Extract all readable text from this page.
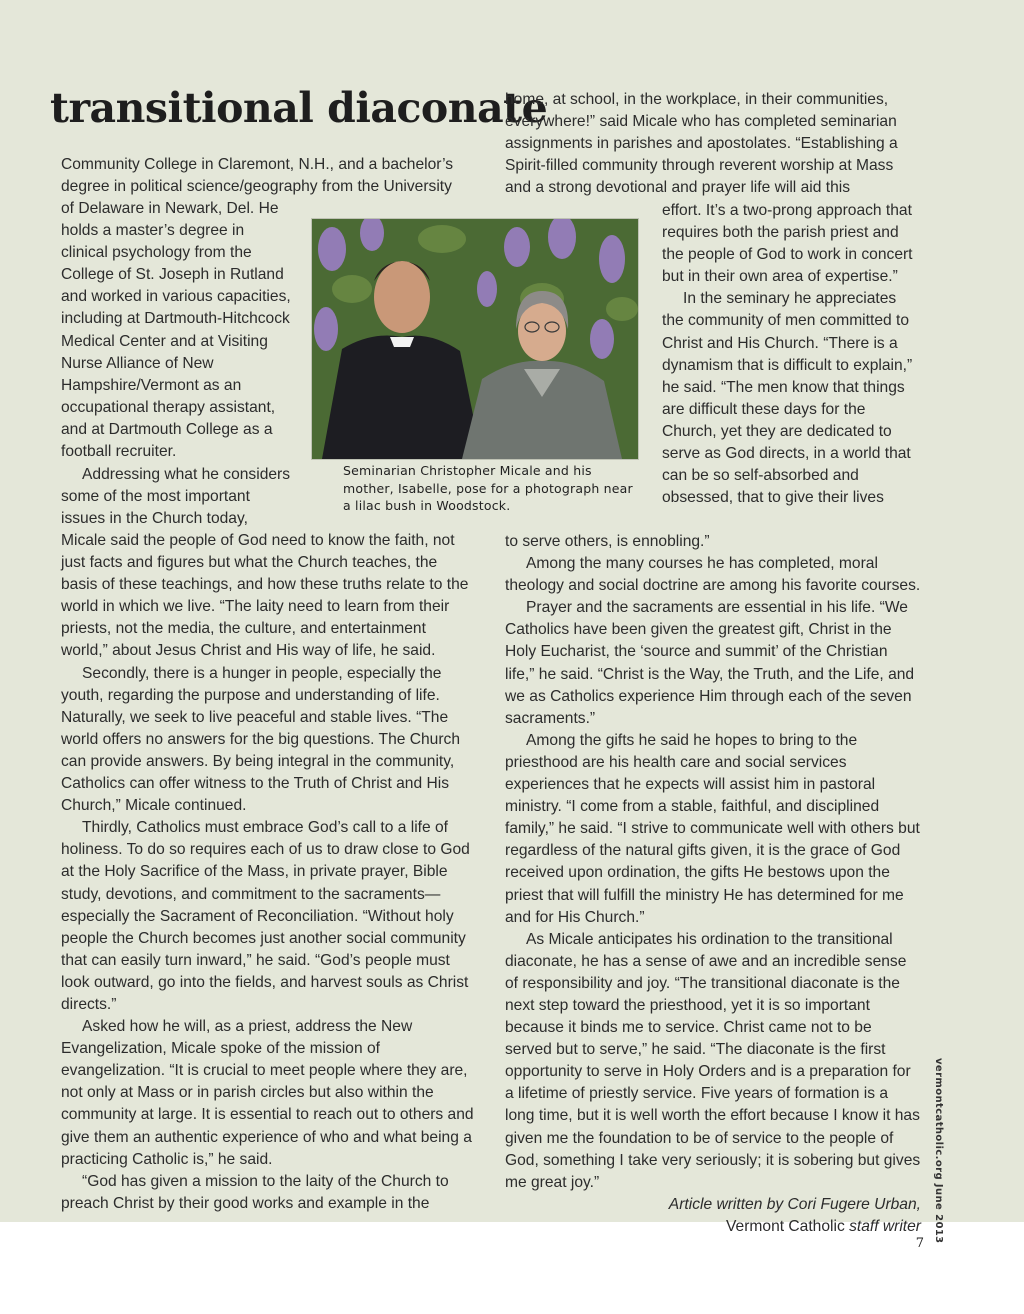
transitional diaconate

Community College in Claremont, N.H., and a bachelor’s degree in political science/geography from the University

of Delaware in Newark, Del. He holds a master’s degree in clinical psychology from the College of St. Joseph in Rutland and worked in various capacities, including at Dartmouth-Hitchcock Medical Center and at Visiting Nurse Alliance of New Hampshire/Vermont as an occupational therapy assistant, and at Dartmouth College as a football recruiter.

Addressing what he considers some of the most important issues in the Church today,

Micale said the people of God need to know the faith, not just facts and figures but what the Church teaches, the basis of these teachings, and how these truths relate to the world in which we live. “The laity need to learn from their priests, not the media, the culture, and entertainment world,” about Jesus Christ and His way of life, he said.

Secondly, there is a hunger in people, especially the youth, regarding the purpose and understanding of life. Naturally, we seek to live peaceful and stable lives. “The world offers no answers for the big questions. The Church can provide answers. By being integral in the community, Catholics can offer witness to the Truth of Christ and His Church,” Micale continued.

Thirdly, Catholics must embrace God’s call to a life of holiness. To do so requires each of us to draw close to God at the Holy Sacrifice of the Mass, in private prayer, Bible study, devotions, and commitment to the sacraments—especially the Sacrament of Reconciliation. “Without holy people the Church becomes just another social community that can easily turn inward,” he said. “God’s people must look outward, go into the fields, and harvest souls as Christ directs.”

Asked how he will, as a priest, address the New Evangelization, Micale spoke of the mission of evangelization. “It is crucial to meet people where they are, not only at Mass or in parish circles but also within the community at large. It is essential to reach out to others and give them an authentic experience of who and what being a practicing Catholic is,” he said.

“God has given a mission to the laity of the Church to preach Christ by their good works and example in the

home, at school, in the workplace, in their communities, everywhere!” said Micale who has completed seminarian assignments in parishes and apostolates. “Establishing a Spirit-filled community through reverent worship at Mass and a strong devotional and prayer life will aid this

effort. It’s a two-prong approach that requires both the parish priest and the people of God to work in concert but in their own area of expertise.”

In the seminary he appreciates the community of men committed to Christ and His Church. “There is a dynamism that is difficult to explain,” he said. “The men know that things are difficult these days for the Church, yet they are dedicated to serve as God directs, in a world that can be so self-absorbed and obsessed, that to give their lives

to serve others, is ennobling.”

Among the many courses he has completed, moral theology and social doctrine are among his favorite courses.

Prayer and the sacraments are essential in his life. “We Catholics have been given the greatest gift, Christ in the Holy Eucharist, the ‘source and summit’ of the Christian life,” he said. “Christ is the Way, the Truth, and the Life, and we as Catholics experience Him through each of the seven sacraments.”

Among the gifts he said he hopes to bring to the priesthood are his health care and social services experiences that he expects will assist him in pastoral ministry. “I come from a stable, faithful, and disciplined family,” he said. “I strive to communicate well with others but regardless of the natural gifts given, it is the grace of God received upon ordination, the gifts He bestows upon the priest that will fulfill the ministry He has determined for me and for His Church.”

As Micale anticipates his ordination to the transitional diaconate, he has a sense of awe and an incredible sense of responsibility and joy. “The transitional diaconate is the next step toward the priesthood, yet it is so important because it binds me to service. Christ came not to be served but to serve,” he said. “The diaconate is the first opportunity to serve in Holy Orders and is a preparation for a lifetime of priestly service. Five years of formation is a long time, but it is well worth the effort because I know it has given me the foundation to be of service to the people of God, something I take very seriously; it is sobering but gives me great joy.”

Article written by Cori Fugere Urban,
Vermont Catholic staff writer

Seminarian Christopher Micale and his mother, Isabelle, pose for a photograph near a lilac bush in Woodstock.

vermontcatholic.org June 2013
7
